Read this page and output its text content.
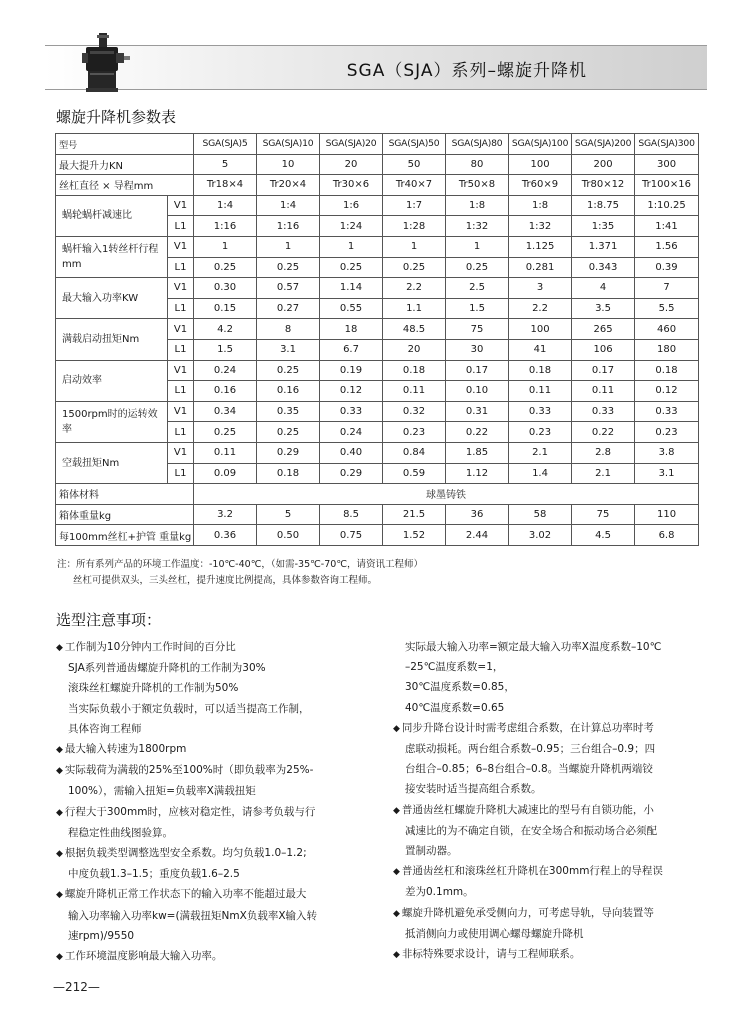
SGA（SJA）系列–螺旋升降机
螺旋升降机参数表
型号		SGA(SJA)5	SGA(SJA)10	SGA(SJA)20	SGA(SJA)50	SGA(SJA)80	SGA(SJA)100	SGA(SJA)200	SGA(SJA)300
最大提升力KN		5	10	20	50	80	100	200	300
丝杠直径 × 导程mm		Tr18×4	Tr20×4	Tr30×6	Tr40×7	Tr50×8	Tr60×9	Tr80×12	Tr100×16
蜗轮蜗杆减速比	V1	1:4	1:4	1:6	1:7	1:8	1:8	1:8.75	1:10.25
	L1	1:16	1:16	1:24	1:28	1:32	1:32	1:35	1:41
蜗杆输入1转丝杆行程mm	V1	1	1	1	1	1	1.125	1.371	1.56
	L1	0.25	0.25	0.25	0.25	0.25	0.281	0.343	0.39
最大输入功率KW	V1	0.30	0.57	1.14	2.2	2.5	3	4	7
	L1	0.15	0.27	0.55	1.1	1.5	2.2	3.5	5.5
满载启动扭矩Nm	V1	4.2	8	18	48.5	75	100	265	460
	L1	1.5	3.1	6.7	20	30	41	106	180
启动效率	V1	0.24	0.25	0.19	0.18	0.17	0.18	0.17	0.18
	L1	0.16	0.16	0.12	0.11	0.10	0.11	0.11	0.12
1500rpm时的运转效率	V1	0.34	0.35	0.33	0.32	0.31	0.33	0.33	0.33
	L1	0.25	0.25	0.24	0.23	0.22	0.23	0.22	0.23
空载扭矩Nm	V1	0.11	0.29	0.40	0.84	1.85	2.1	2.8	3.8
	L1	0.09	0.18	0.29	0.59	1.12	1.4	2.1	3.1
箱体材料		球墨铸铁							
箱体重量kg		3.2	5	8.5	21.5	36	58	75	110
每100mm丝杠+护管 重量kg		0.36	0.50	0.75	1.52	2.44	3.02	4.5	6.8
注：所有系列产品的环境工作温度：-10℃-40℃，（如需-35℃-70℃，请资讯工程师）
丝杠可提供双头，三头丝杠，提升速度比例提高，具体参数咨询工程师。
选型注意事项：
◆ 工作制为10分钟内工作时间的百分比
SJA系列普通齿螺旋升降机的工作制为30%
滚珠丝杠螺旋升降机的工作制为50%
当实际负载小于额定负载时，可以适当提高工作制，
具体咨询工程师
◆ 最大输入转速为1800rpm
◆ 实际载荷为满载的25%至100%时（即负载率为25%-
100%），需输入扭矩=负载率X满载扭矩
◆ 行程大于300mm时，应核对稳定性，请参考负载与行
程稳定性曲线图验算。
◆ 根据负载类型调整选型安全系数。均匀负载1.0–1.2;
中度负载1.3–1.5；重度负载1.6–2.5
◆ 螺旋升降机正常工作状态下的输入功率不能超过最大
输入功率输入功率kw=(满载扭矩NmX负载率X输入转
速rpm)/9550
◆ 工作环境温度影响最大输入功率。
实际最大输入功率=额定最大输入功率X温度系数–10℃
–25℃温度系数=1，
30℃温度系数=0.85，
40℃温度系数=0.65
◆ 同步升降台设计时需考虑组合系数，在计算总功率时考
虑联动损耗。两台组合系数–0.95；三台组合–0.9；四
台组合–0.85；6–8台组合–0.8。当螺旋升降机两端铰
接安装时适当提高组合系数。
◆ 普通齿丝杠螺旋升降机大减速比的型号有自锁功能，小
减速比的为不确定自锁，在安全场合和振动场合必须配
置制动器。
◆ 普通齿丝杠和滚珠丝杠升降机在300mm行程上的导程误
差为0.1mm。
◆ 螺旋升降机避免承受侧向力，可考虑导轨，导向装置等
抵消侧向力或使用调心螺母螺旋升降机
◆ 非标特殊要求设计，请与工程师联系。
—212—
